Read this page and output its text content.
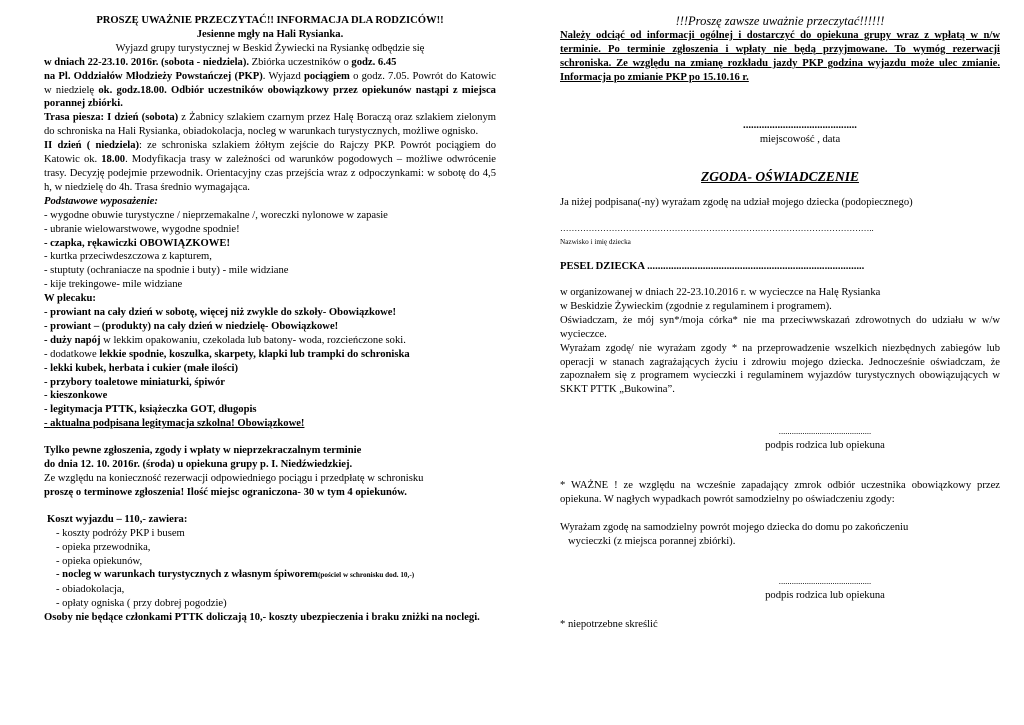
PROSZĘ UWAŻNIE PRZECZYTAĆ!! INFORMACJA DLA RODZICÓW!!

Jesienne mgły na Hali Rysianka.

Wyjazd grupy turystycznej w Beskid Żywiecki na Rysiankę odbędzie się

w dniach 22-23.10. 2016r. (sobota - niedziela). Zbiórka uczestników o godz. 6.45

na Pl. Oddziałów Młodzieży Powstańczej (PKP). Wyjazd pociągiem o godz. 7.05. Powrót do Katowic w niedzielę ok. godz.18.00. Odbiór uczestników obowiązkowy przez opiekunów nastąpi z miejsca porannej zbiórki.

Trasa piesza: I dzień (sobota) z Żabnicy szlakiem czarnym przez Halę Boraczą oraz szlakiem zielonym do schroniska na Hali Rysianka, obiadokolacja, nocleg w warunkach turystycznych, możliwe ognisko.

II dzień ( niedziela): ze schroniska szlakiem żółtym zejście do Rajczy PKP. Powrót pociągiem do Katowic ok. 18.00. Modyfikacja trasy w zależności od warunków pogodowych – możliwe odwrócenie trasy. Decyzję podejmie przewodnik. Orientacyjny czas przejścia wraz z odpoczynkami: w sobotę do 4,5 h, w niedzielę do 4h. Trasa średnio wymagająca.

Podstawowe wyposażenie:

- wygodne obuwie turystyczne / nieprzemakalne /, woreczki nylonowe w zapasie

- ubranie wielowarstwowe, wygodne spodnie!

- czapka, rękawiczki OBOWIĄZKOWE!

- kurtka przeciwdeszczowa z kapturem,

- stuptuty (ochraniacze na spodnie i buty) - mile widziane

- kije trekingowe- mile widziane

W plecaku:

- prowiant na cały dzień w sobotę, więcej niż zwykle do szkoły- Obowiązkowe!

- prowiant – (produkty) na cały dzień w niedzielę- Obowiązkowe!

- duży napój w lekkim opakowaniu, czekolada lub batony- woda, rozcieńczone soki.

- dodatkowe lekkie spodnie, koszulka, skarpety, klapki lub trampki do schroniska

- lekki kubek, herbata i cukier (małe ilości)

- przybory toaletowe miniaturki, śpiwór

- kieszonkowe

- legitymacja PTTK, książeczka GOT, długopis

- aktualna podpisana legitymacja szkolna! Obowiązkowe!

Tylko pewne zgłoszenia, zgody i wpłaty w nieprzekraczalnym terminie

do dnia 12. 10. 2016r. (środa) u opiekuna grupy p. I. Niedźwiedzkiej.

Ze względu na konieczność rezerwacji odpowiedniego pociągu i przedpłatę w schronisku

proszę o terminowe zgłoszenia! Ilość miejsc ograniczona- 30 w tym 4 opiekunów.

Koszt wyjazdu – 110,- zawiera:

- koszty podróży PKP i busem

- opieka przewodnika,

- opieka opiekunów,

- nocleg w warunkach turystycznych z własnym śpiworem(pościel w schronisku dod. 10,-)

- obiadokolacja,

- opłaty ogniska ( przy dobrej pogodzie)

Osoby nie będące członkami PTTK doliczają 10,- koszty ubezpieczenia i braku zniżki na noclegi.

!!!Proszę zawsze uważnie przeczytać!!!!!!

Należy odciąć od informacji ogólnej i dostarczyć do opiekuna grupy wraz z wpłatą w n/w terminie. Po terminie zgłoszenia i wpłaty nie będą przyjmowane. To wymóg rezerwacji schroniska. Ze względu na zmianę rozkładu jazdy PKP godzina wyjazdu może ulec zmianie. Informacja po zmianie PKP po 15.10.16 r.

...........................................

miejscowość , data

ZGODA- OŚWIADCZENIE

Ja niżej podpisana(-ny) wyrażam zgodę na udział mojego dziecka (podopiecznego)

………………………………………………………………………………………………..

Nazwisko i imię dziecka

PESEL DZIECKA ..................................................................................

w organizowanej w dniach 22-23.10.2016 r. w wycieczce na Halę Rysianka

w Beskidzie Żywieckim (zgodnie z regulaminem i programem).

Oświadczam, że mój syn*/moja córka* nie ma przeciwwskazań zdrowotnych do udziału w w/w wycieczce.

Wyrażam zgodę/ nie wyrażam zgody * na przeprowadzenie wszelkich niezbędnych zabiegów lub operacji w stanach zagrażających życiu i zdrowiu mojego dziecka. Jednocześnie oświadczam, że zapoznałem się z programem wycieczki i regulaminem wyjazdów turystycznych obowiązujących w SKKT PTTK „Bukowina”.

...........................................

podpis rodzica lub opiekuna

* WAŻNE ! ze względu na wcześnie zapadający zmrok odbiór uczestnika obowiązkowy przez opiekuna. W nagłych wypadkach powrót samodzielny po oświadczeniu zgody:

Wyrażam zgodę na samodzielny powrót mojego dziecka do domu po zakończeniu

wycieczki (z miejsca porannej zbiórki).

...........................................

podpis rodzica lub opiekuna

* niepotrzebne skreślić
